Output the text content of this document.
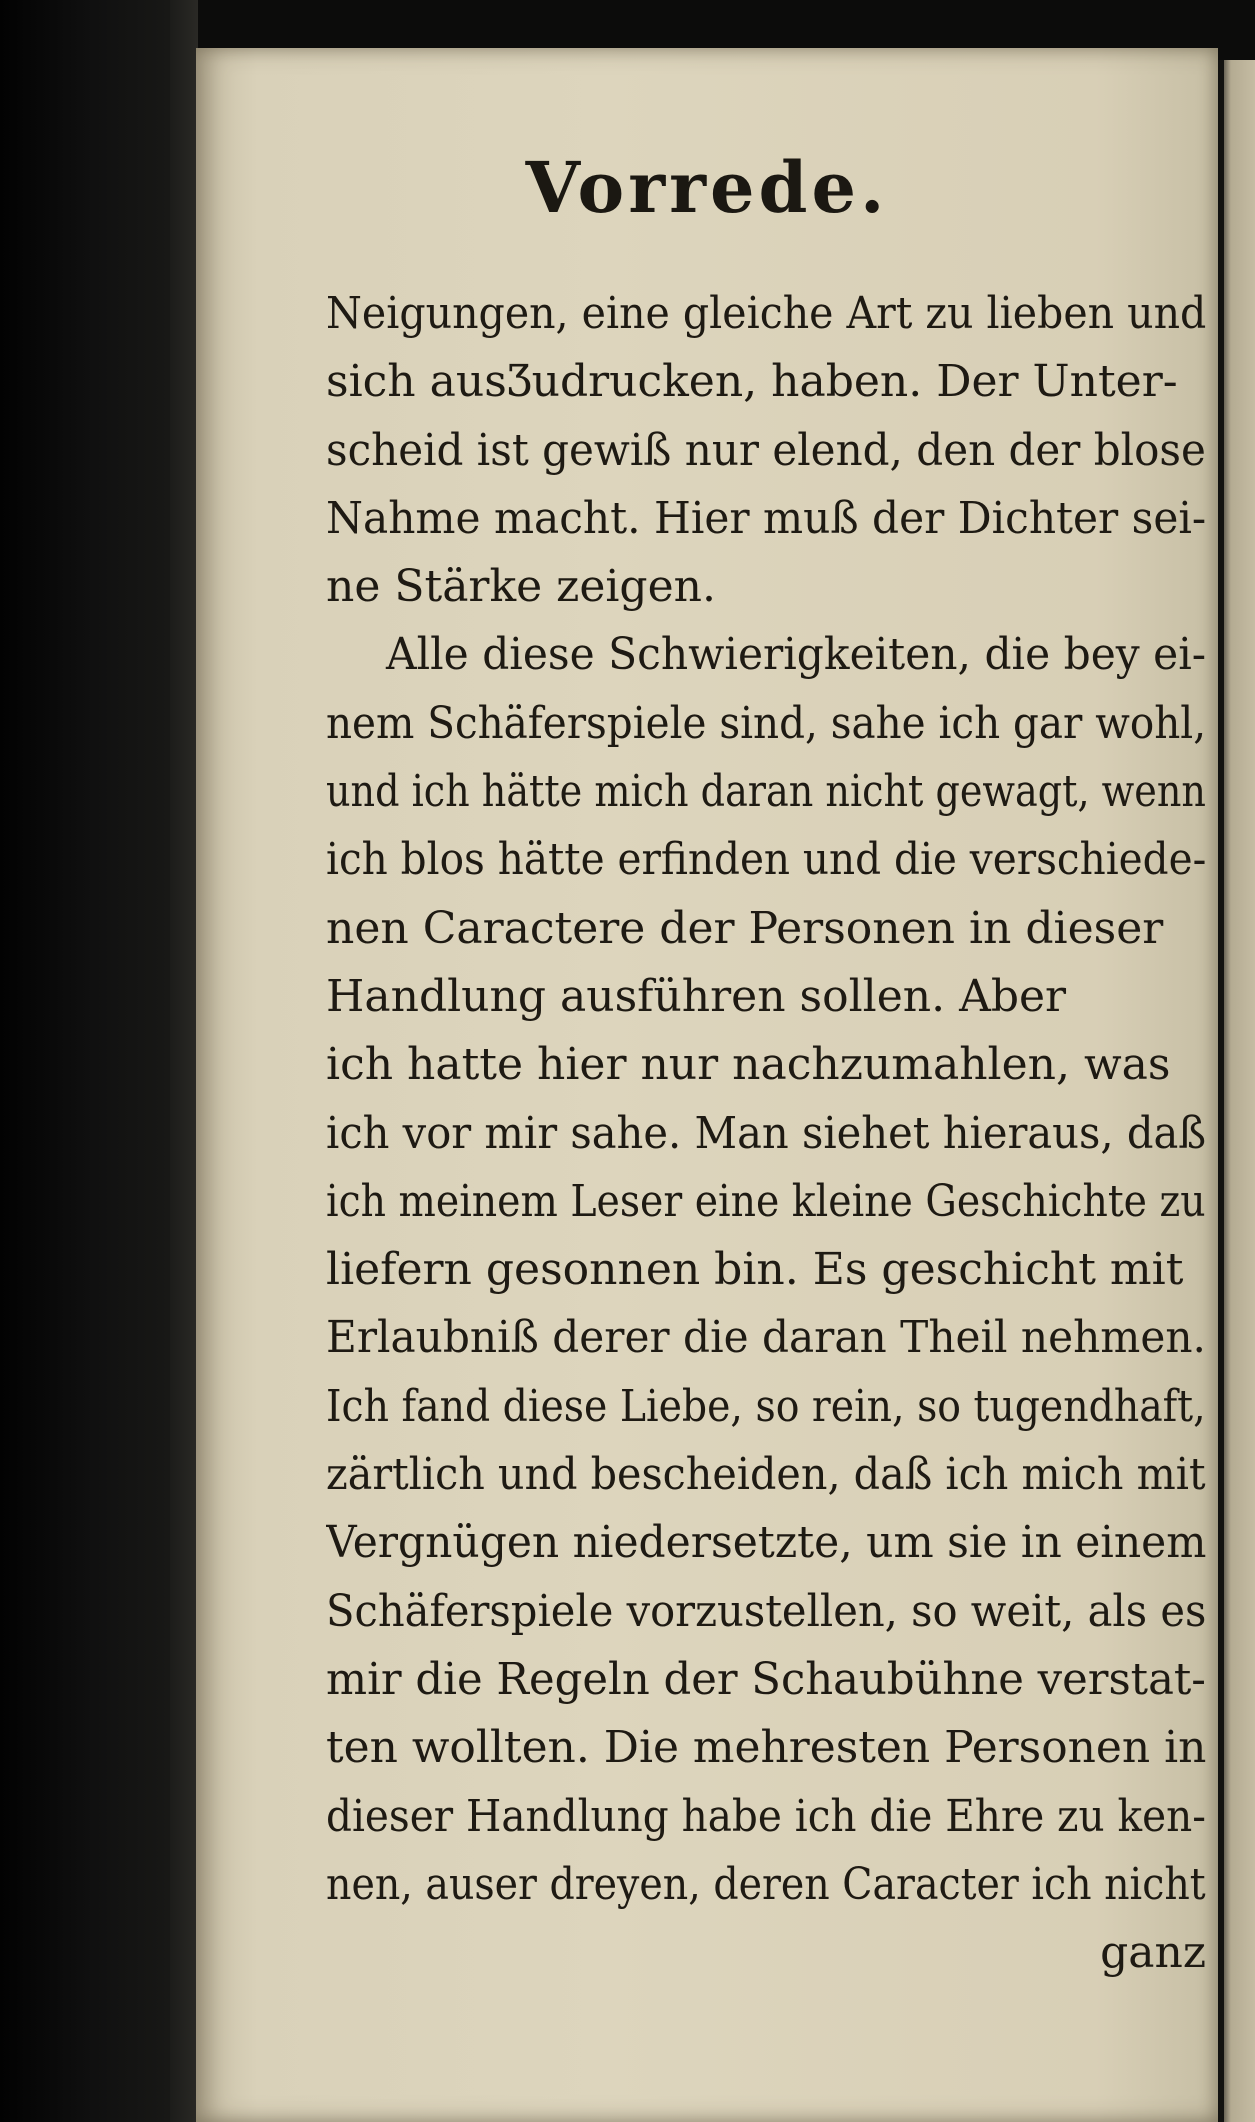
Vorrede.
Neigungen, eine gleiche Art zu lieben und
sich ausƷudrucken, haben. Der Unter-
scheid ist gewiß nur elend, den der blose
Nahme macht. Hier muß der Dichter sei-
ne Stärke zeigen.
Alle diese Schwierigkeiten, die bey ei-
nem Schäferspiele sind, sahe ich gar wohl,
und ich hätte mich daran nicht gewagt, wenn
ich blos hätte erfinden und die verschiede-
nen Caractere der Personen in dieser
Handlung ausführen sollen. Aber
ich hatte hier nur nachzumahlen, was
ich vor mir sahe. Man siehet hieraus, daß
ich meinem Leser eine kleine Geschichte zu
liefern gesonnen bin. Es geschicht mit
Erlaubniß derer die daran Theil nehmen.
Ich fand diese Liebe, so rein, so tugendhaft,
zärtlich und bescheiden, daß ich mich mit
Vergnügen niedersetzte, um sie in einem
Schäferspiele vorzustellen, so weit, als es
mir die Regeln der Schaubühne verstat-
ten wollten. Die mehresten Personen in
dieser Handlung habe ich die Ehre zu ken-
nen, auser dreyen, deren Caracter ich nicht
ganz
